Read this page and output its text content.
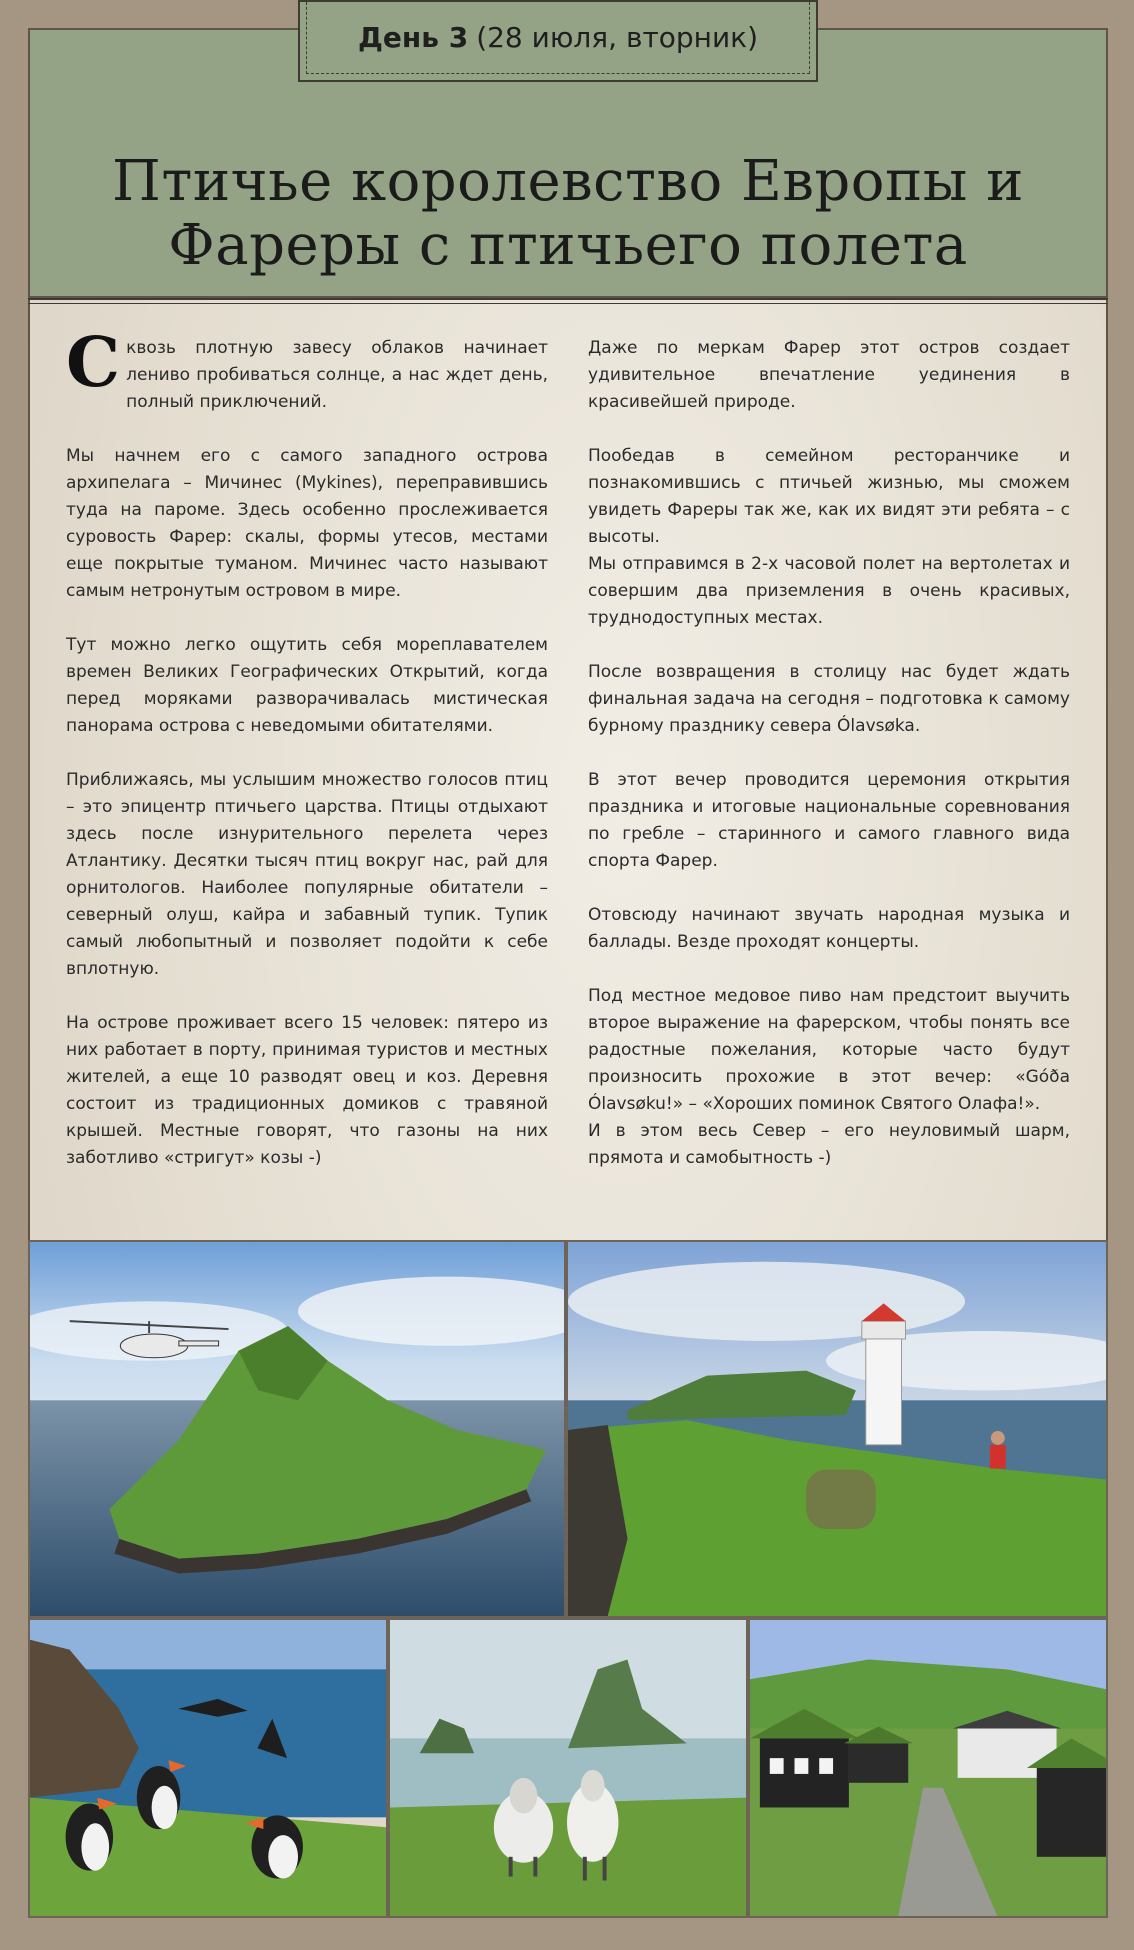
День 3 (28 июля, вторник)
Птичье королевство Европы и Фареры с птичьего полета

Сквозь плотную завесу облаков начинает лениво пробиваться солнце, а нас ждет день, полный приключений.

Мы начнем его с самого западного острова архипелага – Мичинес (Mykines), переправившись туда на пароме. Здесь особенно прослеживается суровость Фарер: скалы, формы утесов, местами еще покрытые туманом. Мичинес часто называют самым нетронутым островом в мире.

Тут можно легко ощутить себя мореплавателем времен Великих Географических Открытий, когда перед моряками разворачивалась мистическая панорама острова с неведомыми обитателями.

Приближаясь, мы услышим множество голосов птиц – это эпицентр птичьего царства. Птицы отдыхают здесь после изнурительного перелета через Атлантику. Десятки тысяч птиц вокруг нас, рай для орнитологов. Наиболее популярные обитатели – северный олуш, кайра и забавный тупик. Тупик самый любопытный и позволяет подойти к себе вплотную.

На острове проживает всего 15 человек: пятеро из них работает в порту, принимая туристов и местных жителей, а еще 10 разводят овец и коз. Деревня состоит из традиционных домиков с травяной крышей. Местные говорят, что газоны на них заботливо «стригут» козы -)

Даже по меркам Фарер этот остров создает удивительное впечатление уединения в красивейшей природе.

Пообедав в семейном ресторанчике и познакомившись с птичьей жизнью, мы сможем увидеть Фареры так же, как их видят эти ребята – с высоты.

Мы отправимся в 2-х часовой полет на вертолетах и совершим два приземления в очень красивых, труднодоступных местах.

После возвращения в столицу нас будет ждать финальная задача на сегодня – подготовка к самому бурному празднику севера Ólavsøka.

В этот вечер проводится церемония открытия праздника и итоговые национальные соревнования по гребле – старинного и самого главного вида спорта Фарер.

Отовсюду начинают звучать народная музыка и баллады. Везде проходят концерты.

Под местное медовое пиво нам предстоит выучить второе выражение на фарерском, чтобы понять все радостные пожелания, которые часто будут произносить прохожие в этот вечер: «Góða Ólavsøku!» – «Хороших поминок Святого Олафа!».

И в этом весь Север – его неуловимый шарм, прямота и самобытность -)
